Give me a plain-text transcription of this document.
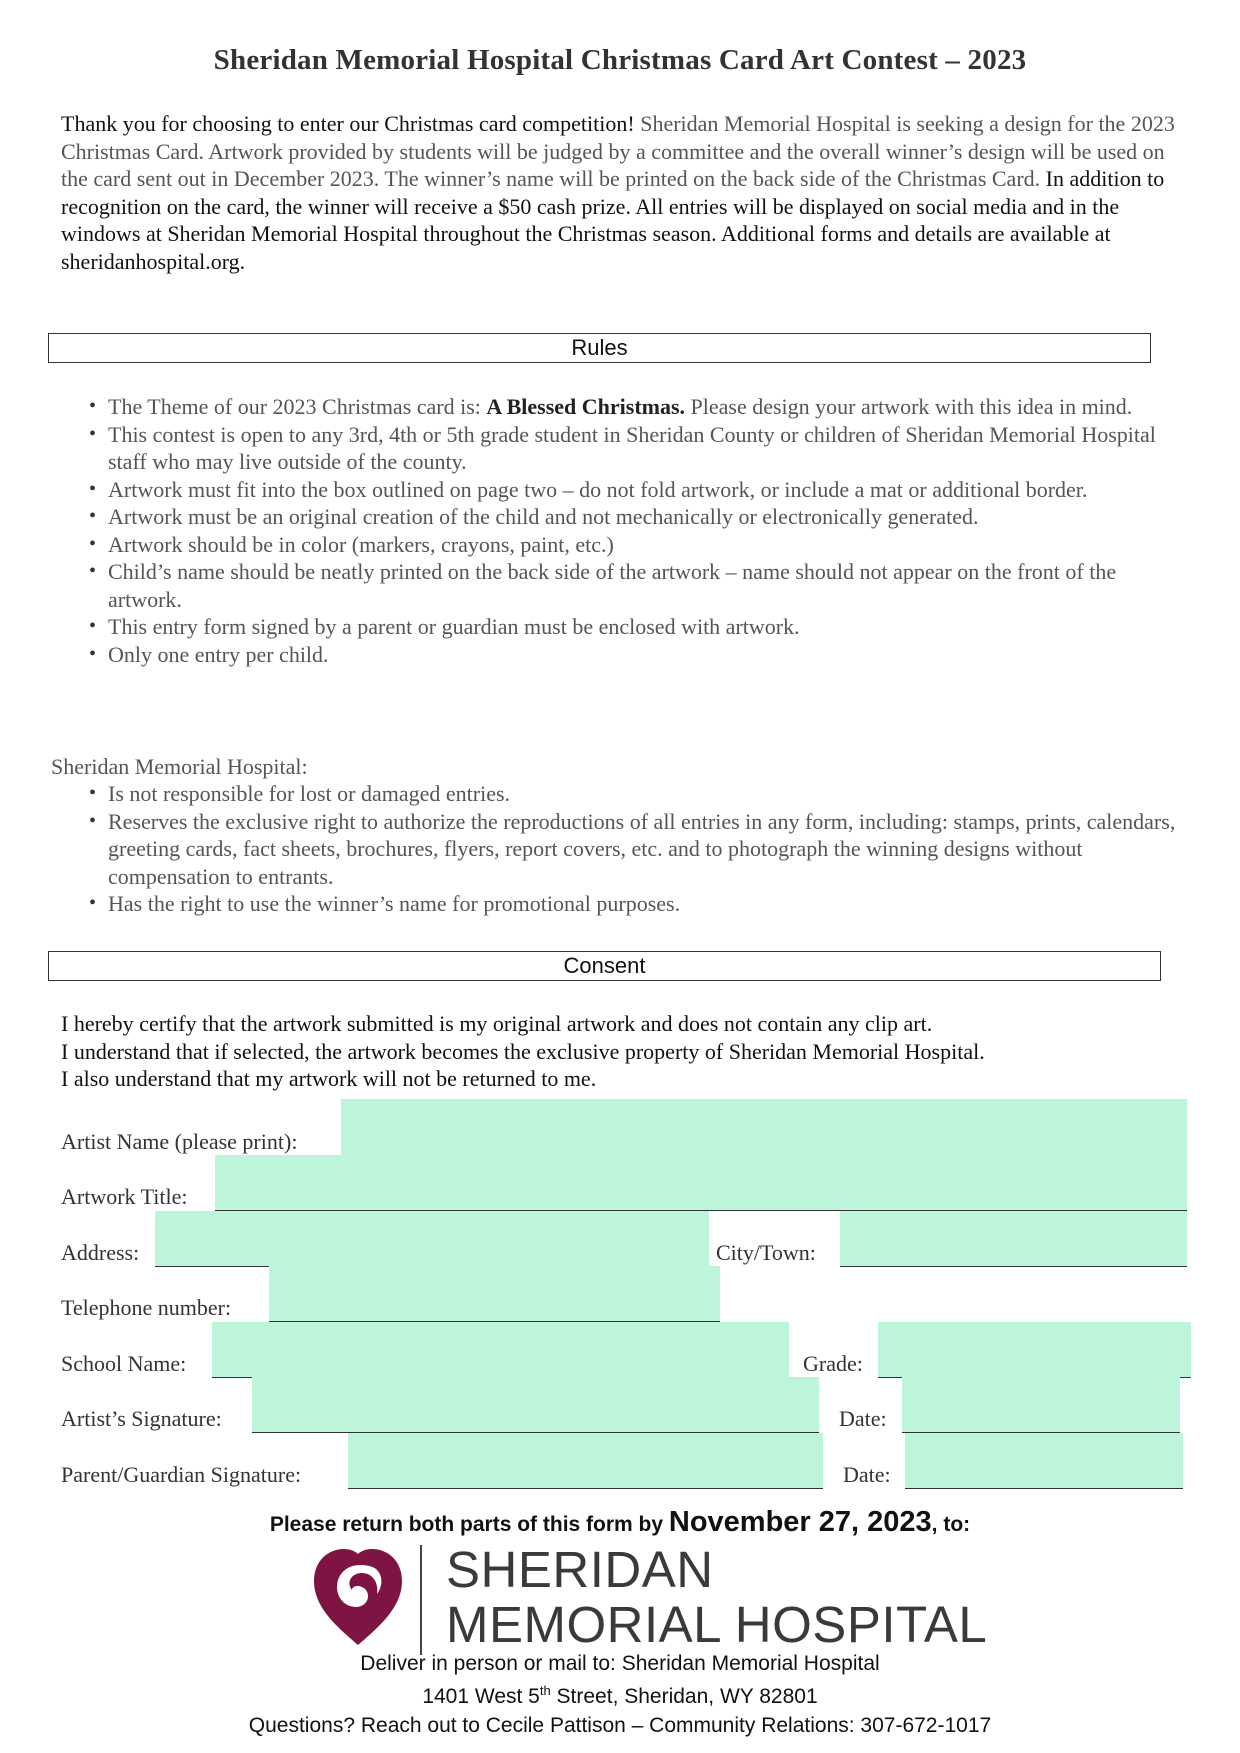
Sheridan Memorial Hospital Christmas Card Art Contest – 2023
Thank you for choosing to enter our Christmas card competition! Sheridan Memorial Hospital is seeking a design for the 2023 Christmas Card. Artwork provided by students will be judged by a committee and the overall winner’s design will be used on the card sent out in December 2023. The winner’s name will be printed on the back side of the Christmas Card. In addition to recognition on the card, the winner will receive a $50 cash prize. All entries will be displayed on social media and in the windows at Sheridan Memorial Hospital throughout the Christmas season. Additional forms and details are available at sheridanhospital.org.
Rules
• The Theme of our 2023 Christmas card is: A Blessed Christmas. Please design your artwork with this idea in mind.
• This contest is open to any 3rd, 4th or 5th grade student in Sheridan County or children of Sheridan Memorial Hospital staff who may live outside of the county.
• Artwork must fit into the box outlined on page two – do not fold artwork, or include a mat or additional border.
• Artwork must be an original creation of the child and not mechanically or electronically generated.
• Artwork should be in color (markers, crayons, paint, etc.)
• Child’s name should be neatly printed on the back side of the artwork – name should not appear on the front of the artwork.
• This entry form signed by a parent or guardian must be enclosed with artwork.
• Only one entry per child.
Sheridan Memorial Hospital:
• Is not responsible for lost or damaged entries.
• Reserves the exclusive right to authorize the reproductions of all entries in any form, including: stamps, prints, calendars, greeting cards, fact sheets, brochures, flyers, report covers, etc. and to photograph the winning designs without compensation to entrants.
• Has the right to use the winner’s name for promotional purposes.
Consent
I hereby certify that the artwork submitted is my original artwork and does not contain any clip art.
I understand that if selected, the artwork becomes the exclusive property of Sheridan Memorial Hospital.
I also understand that my artwork will not be returned to me.
Artist Name (please print):
Artwork Title:
Address:	City/Town:
Telephone number:
School Name:	Grade:
Artist’s Signature:	Date:
Parent/Guardian Signature:	Date:
Please return both parts of this form by November 27, 2023, to:
SHERIDAN
MEMORIAL HOSPITAL
Deliver in person or mail to: Sheridan Memorial Hospital
1401 West 5th Street, Sheridan, WY 82801
Questions? Reach out to Cecile Pattison – Community Relations: 307-672-1017
